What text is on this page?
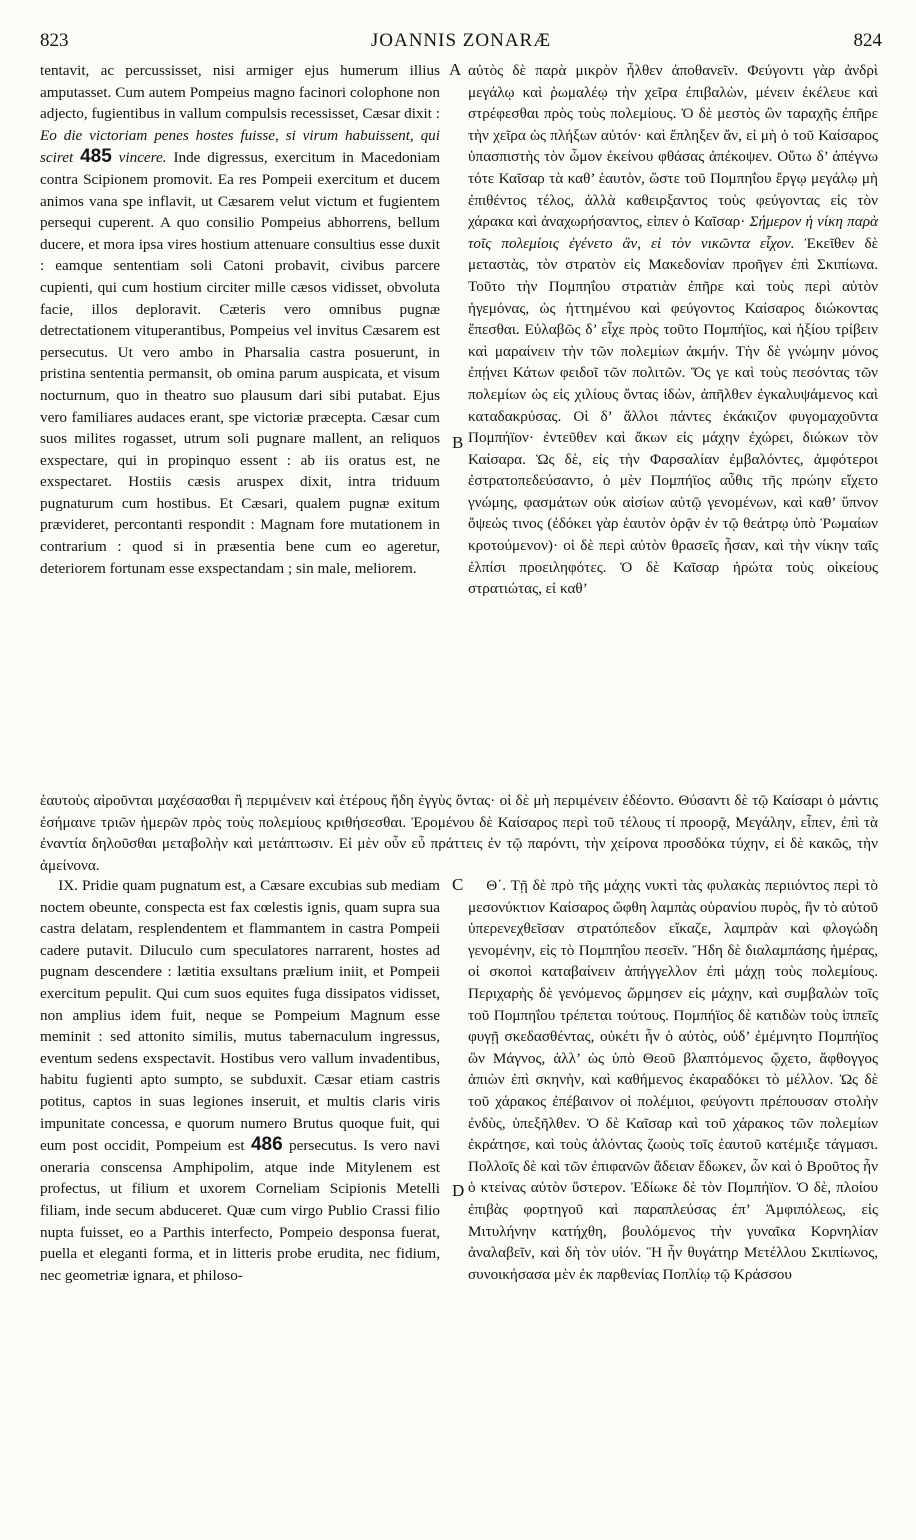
823	JOANNIS ZONARÆ	824

tentavit, ac percussisset, nisi armiger ejus humerum illius amputasset. Cum autem Pompeius magno facinori colophone non adjecto, fugientibus in vallum compulsis recessisset, Cæsar dixit : Eo die victoriam penes hostes fuisse, si virum habuissent, qui sciret 485 vincere. Inde digressus, exercitum in Macedoniam contra Scipionem promovit. Ea res Pompeii exercitum et ducem animos vana spe inflavit, ut Cæsarem velut victum et fugientem persequi cuperent. A quo consilio Pompeius abhorrens, bellum ducere, et mora ipsa vires hostium attenuare consultius esse duxit : eamque sententiam soli Catoni probavit, civibus parcere cupienti, qui cum hostium circiter mille cæsos vidisset, obvoluta facie, illos deploravit. Cæteris vero omnibus pugnæ detrectationem vituperantibus, Pompeius vel invitus Cæsarem est persecutus. Ut vero ambo in Pharsalia castra posuerunt, in pristina sententia permansit, ob omina parum auspicata, et visum nocturnum, quo in theatro suo plausum dari sibi putabat. Ejus vero familiares audaces erant, spe victoriæ præcepta. Cæsar cum suos milites rogasset, utrum soli pugnare mallent, an reliquos exspectare, qui in propinquo essent : ab iis oratus est, ne exspectaret. Hostiis cæsis aruspex dixit, intra triduum pugnaturum cum hostibus. Et Cæsari, qualem pugnæ exitum prævideret, percontanti respondit : Magnam fore mutationem in contrarium : quod si in præsentia bene cum eo ageretur, deteriorem fortunam esse exspectandam ; sin male, meliorem.

A
B

αὐτὸς δὲ παρὰ μικρὸν ἦλθεν ἀποθανεῖν. Φεύγοντι γὰρ ἀνδρὶ μεγάλῳ καὶ ῥωμαλέῳ τὴν χεῖρα ἐπιβαλὼν, μένειν ἐκέλευε καὶ στρέφεσθαι πρὸς τοὺς πολεμίους. Ὁ δὲ μεστὸς ὢν ταραχῆς ἐπῆρε τὴν χεῖρα ὡς πλήξων αὐτόν· καὶ ἔπληξεν ἄν, εἰ μὴ ὁ τοῦ Καίσαρος ὑπασπιστὴς τὸν ὦμον ἐκείνου φθάσας ἀπέκοψεν. Οὕτω δ’ ἀπέγνω τότε Καῖσαρ τὰ καθ’ ἑαυτὸν, ὥστε τοῦ Πομπηΐου ἔργῳ μεγάλῳ μὴ ἐπιθέντος τέλος, ἀλλὰ καθειρξαντος τοὺς φεύγοντας εἰς τὸν χάρακα καὶ ἀναχωρήσαντος, εἰπεν ὁ Καῖσαρ· Σήμερον ἡ νίκη παρὰ τοῖς πολεμίοις ἐγένετο ἂν, εἰ τὸν νικῶντα εἶχον. Ἐκεῖθεν δὲ μεταστὰς, τὸν στρατὸν εἰς Μακεδονίαν προῆγεν ἐπὶ Σκιπίωνα. Τοῦτο τὴν Πομπηΐου στρατιὰν ἐπῆρε καὶ τοὺς περὶ αὐτὸν ἡγεμόνας, ὡς ἡττημένου καὶ φεύγοντος Καίσαρος διώκοντας ἕπεσθαι. Εὐλαβῶς δ’ εἶχε πρὸς τοῦτο Πομπήϊος, καὶ ἠξίου τρίβειν καὶ μαραίνειν τὴν τῶν πολεμίων ἀκμήν. Τὴν δὲ γνώμην μόνος ἐπῄνει Κάτων φειδοῖ τῶν πολιτῶν. Ὅς γε καὶ τοὺς πεσόντας τῶν πολεμίων ὡς εἰς χιλίους ὄντας ἰδὼν, ἀπῆλθεν ἐγκαλυψάμενος καὶ καταδακρύσας. Οἱ δ’ ἄλλοι πάντες ἐκάκιζον φυγομαχοῦντα Πομπήϊον· ἐντεῦθεν καὶ ἄκων εἰς μάχην ἐχώρει, διώκων τὸν Καίσαρα. Ὡς δὲ, εἰς τὴν Φαρσαλίαν ἐμβαλόντες, ἀμφότεροι ἐστρατοπεδεύσαντο, ὁ μὲν Πομπήϊος αὖθις τῆς πρώην εἴχετο γνώμης, φασμάτων οὐκ αἰσίων αὐτῷ γενομένων, καὶ καθ’ ὕπνον ὄψεώς τινος (ἐδόκει γὰρ ἑαυτὸν ὁρᾷν ἐν τῷ θεάτρῳ ὑπὸ Ῥωμαίων κροτούμενον)· οἱ δὲ περὶ αὐτὸν θρασεῖς ἦσαν, καὶ τὴν νίκην ταῖς ἐλπίσι προειληφότες. Ὁ δὲ Καῖσαρ ἠρώτα τοὺς οἰκείους στρατιώτας, εἰ καθ’

ἑαυτοὺς αἱροῦνται μαχέσασθαι ἢ περιμένειν καὶ ἑτέρους ἤδη ἐγγὺς ὄντας· οἱ δὲ μὴ περιμένειν ἐδέοντο. Θύσαντι δὲ τῷ Καίσαρι ὁ μάντις ἐσήμαινε τριῶν ἡμερῶν πρὸς τοὺς πολεμίους κριθήσεσθαι. Ἐρομένου δὲ Καίσαρος περὶ τοῦ τέλους τί προορᾷ, Μεγάλην, εἶπεν, ἐπὶ τὰ ἐναντία δηλοῦσθαι μεταβολὴν καὶ μετάπτωσιν. Εἰ μὲν οὖν εὖ πράττεις ἐν τῷ παρόντι, τὴν χείρονα προσδόκα τύχην, εἰ δὲ κακῶς, τὴν ἀμείνονα.
C
D

IX. Pridie quam pugnatum est, a Cæsare excubias sub mediam noctem obeunte, conspecta est fax cœlestis ignis, quam supra sua castra delatam, resplendentem et flammantem in castra Pompeii cadere putavit. Diluculo cum speculatores narrarent, hostes ad pugnam descendere : lætitia exsultans prælium iniit, et Pompeii exercitum pepulit. Qui cum suos equites fuga dissipatos vidisset, non amplius idem fuit, neque se Pompeium Magnum esse meminit : sed attonito similis, mutus tabernaculum ingressus, eventum sedens exspectavit. Hostibus vero vallum invadentibus, habitu fugienti apto sumpto, se subduxit. Cæsar etiam castris potitus, captos in suas legiones inseruit, et multis claris viris impunitate concessa, e quorum numero Brutus quoque fuit, qui eum post occidit, Pompeium est 486 persecutus. Is vero navi oneraria conscensa Amphipolim, atque inde Mitylenem est profectus, ut filium et uxorem Corneliam Scipionis Metelli filiam, inde secum abduceret. Quæ cum virgo Publio Crassi filio nupta fuisset, eo a Parthis interfecto, Pompeio desponsa fuerat, puella et eleganti forma, et in litteris probe erudita, nec fidium, nec geometriæ ignara, et philoso-

Θ΄. Τῇ δὲ πρὸ τῆς μάχης νυκτὶ τὰς φυλακὰς περιιόντος περὶ τὸ μεσονύκτιον Καίσαρος ὤφθη λαμπὰς οὐρανίου πυρὸς, ἣν τὸ αὐτοῦ ὑπερενεχθεῖσαν στρατόπεδον εἴκαζε, λαμπρὰν καὶ φλογώδη γενομένην, εἰς τὸ Πομπηΐου πεσεῖν. Ἤδη δὲ διαλαμπάσης ἡμέρας, οἱ σκοποὶ καταβαίνειν ἀπήγγελλον ἐπὶ μάχῃ τοὺς πολεμίους. Περιχαρὴς δὲ γενόμενος ὥρμησεν εἰς μάχην, καὶ συμβαλὼν τοῖς τοῦ Πομπηΐου τρέπεται τούτους. Πομπήϊος δὲ κατιδὼν τοὺς ἱππεῖς φυγῇ σκεδασθέντας, οὐκέτι ἦν ὁ αὐτὸς, οὐδ’ ἐμέμνητο Πομπήϊος ὢν Μάγνος, ἀλλ’ ὡς ὑπὸ Θεοῦ βλαπτόμενος ᾤχετο, ἄφθογγος ἀπιὼν ἐπὶ σκηνὴν, καὶ καθήμενος ἐκαραδόκει τὸ μέλλον. Ὡς δὲ τοῦ χάρακος ἐπέβαινον οἱ πολέμιοι, φεύγοντι πρέπουσαν στολὴν ἐνδὺς, ὑπεξῆλθεν. Ὁ δὲ Καῖσαρ καὶ τοῦ χάρακος τῶν πολεμίων ἐκράτησε, καὶ τοὺς ἁλόντας ζωοὺς τοῖς ἑαυτοῦ κατέμιξε τάγμασι. Πολλοῖς δὲ καὶ τῶν ἐπιφανῶν ἄδειαν ἔδωκεν, ὧν καὶ ὁ Βροῦτος ἦν ὁ κτείνας αὐτὸν ὕστερον. Ἐδίωκε δὲ τὸν Πομπήϊον. Ὁ δὲ, πλοίου ἐπιβὰς φορτηγοῦ καὶ παραπλεύσας ἐπ’ Ἀμφιπόλεως, εἰς Μιτυλήνην κατήχθη, βουλόμενος τὴν γυναῖκα Κορνηλίαν ἀναλαβεῖν, καὶ δὴ τὸν υἱόν. Ἣ ἦν θυγάτηρ Μετέλλου Σκιπίωνος, συνοικήσασα μὲν ἐκ παρθενίας Ποπλίῳ τῷ Κράσσου
